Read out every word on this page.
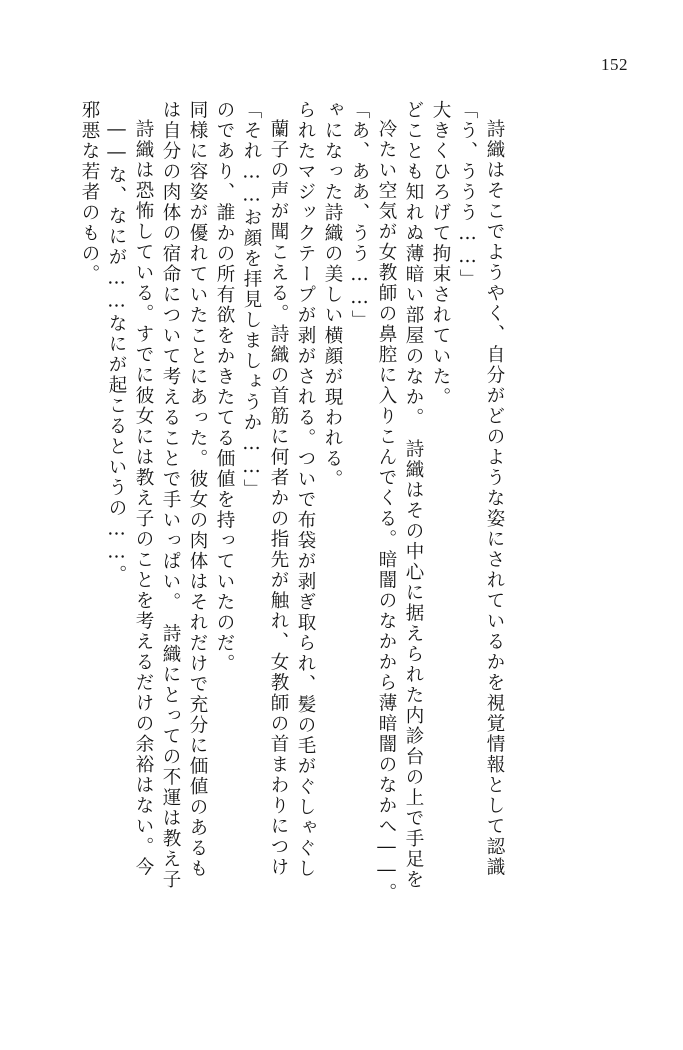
152
邪悪な若者のもの。 ――な、なにが……なにが起こるというの……。 詩織は恐怖している。すでに彼女には教え子のことを考えるだけの余裕はない。今 は自分の肉体の宿命について考えることで手いっぱい。　詩織にとっての不運は教え子 同様に容姿が優れていたことにあった。彼女の肉体はそれだけで充分に価値のあるも のであり、誰かの所有欲をかきたてる価値を持っていたのだ。 「それ……お顔を拝見しましょうか……」 蘭子の声が聞こえる。詩織の首筋に何者かの指先が触れ、女教師の首まわりにつけ られたマジックテープが剥がされる。ついで布袋が剥ぎ取られ、髪の毛がぐしゃぐし ゃになった詩織の美しい横顔が現われる。 「あ、ああ、うう……」 冷たい空気が女教師の鼻腔に入りこんでくる。暗闇のなかから薄暗闇のなかへ――。 どことも知れぬ薄暗い部屋のなか。　詩織はその中心に据えられた内診台の上で手足を 大きくひろげて拘束されていた。 「う、ううう……」 詩織はそこでようやく、自分がどのような姿にされているかを視覚情報として認識
